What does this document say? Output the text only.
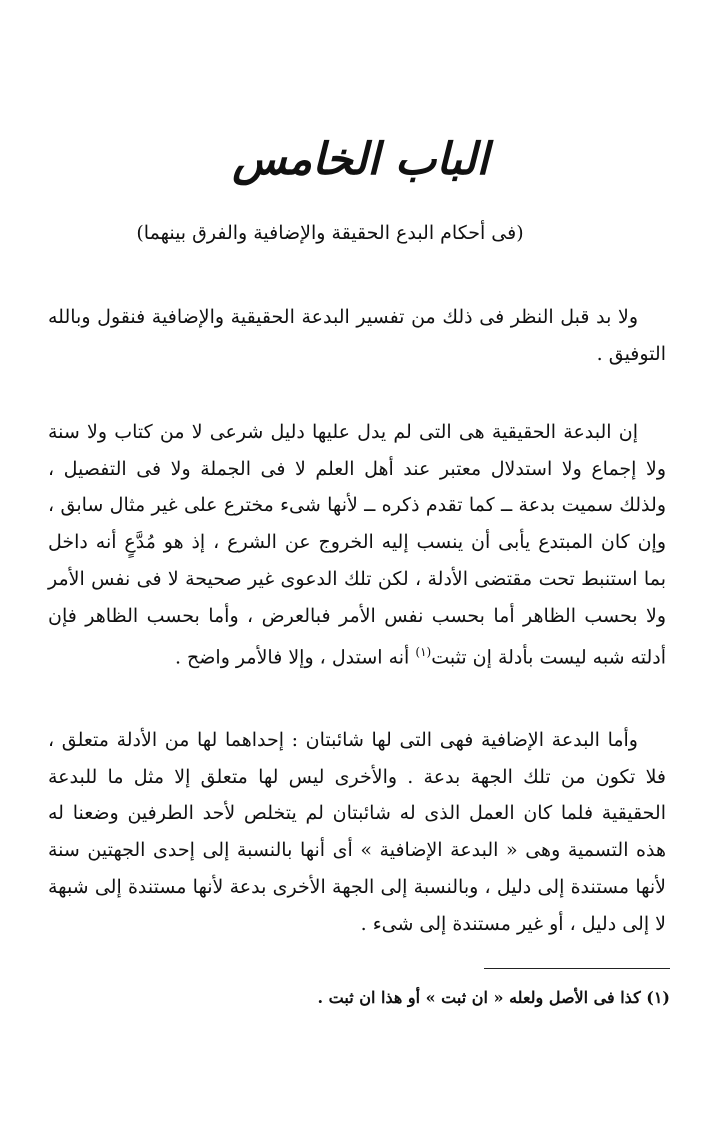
الباب الخامس
(فى أحكام البدع الحقيقة والإضافية والفرق بينهما)

ولا بد قبل النظر فى ذلك من تفسير البدعة الحقيقية والإضافية فنقول وبالله التوفيق .

إن البدعة الحقيقية هى التى لم يدل عليها دليل شرعى لا من كتاب ولا سنة ولا إجماع ولا استدلال معتبر عند أهل العلم لا فى الجملة ولا فى التفصيل ، ولذلك سميت بدعة ــ كما تقدم ذكره ــ لأنها شىء مخترع على غير مثال سابق ، وإن كان المبتدع يأبى أن ينسب إليه الخروج عن الشرع ، إذ هو مُدَّعٍ أنه داخل بما استنبط تحت مقتضى الأدلة ، لكن تلك الدعوى غير صحيحة لا فى نفس الأمر ولا بحسب الظاهر أما بحسب نفس الأمر فبالعرض ، وأما بحسب الظاهر فإن أدلته شبه ليست بأدلة إن تثبت$^{(١)}$ أنه استدل ، وإلا فالأمر واضح .

وأما البدعة الإضافية فهى التى لها شائبتان : إحداهما لها من الأدلة متعلق ، فلا تكون من تلك الجهة بدعة . والأخرى ليس لها متعلق إلا مثل ما للبدعة الحقيقية فلما كان العمل الذى له شائبتان لم يتخلص لأحد الطرفين وضعنا له هذه التسمية وهى « البدعة الإضافية » أى أنها بالنسبة إلى إحدى الجهتين سنة لأنها مستندة إلى دليل ، وبالنسبة إلى الجهة الأخرى بدعة لأنها مستندة إلى شبهة لا إلى دليل ، أو غير مستندة إلى شىء .

(١) كذا فى الأصل ولعله « ان ثبت » أو هذا ان ثبت .
